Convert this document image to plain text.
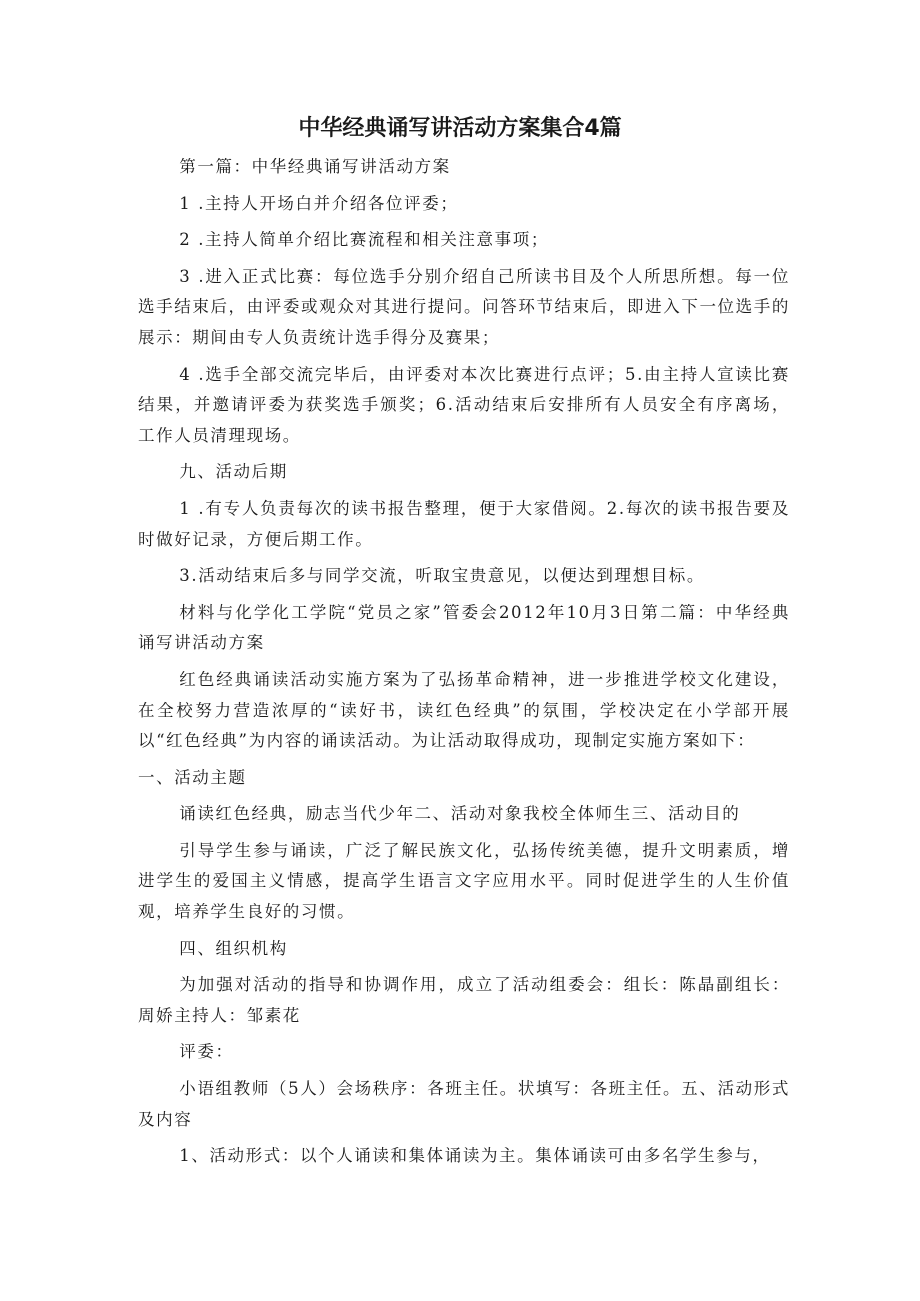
中华经典诵写讲活动方案集合4篇

第一篇：中华经典诵写讲活动方案

1 .主持人开场白并介绍各位评委；

2 .主持人简单介绍比赛流程和相关注意事项；

3 .进入正式比赛：每位选手分别介绍自己所读书目及个人所思所想。每一位选手结束后，由评委或观众对其进行提问。问答环节结束后，即进入下一位选手的展示：期间由专人负责统计选手得分及赛果；

4 .选手全部交流完毕后，由评委对本次比赛进行点评；5.由主持人宣读比赛结果，并邀请评委为获奖选手颁奖；6.活动结束后安排所有人员安全有序离场，工作人员清理现场。

九、活动后期

1 .有专人负责每次的读书报告整理，便于大家借阅。2.每次的读书报告要及时做好记录，方便后期工作。

3.活动结束后多与同学交流，听取宝贵意见，以便达到理想目标。

材料与化学化工学院“党员之家”管委会2012年10月3日第二篇：中华经典诵写讲活动方案

红色经典诵读活动实施方案为了弘扬革命精神，进一步推进学校文化建设，在全校努力营造浓厚的“读好书，读红色经典”的氛围，学校决定在小学部开展以“红色经典”为内容的诵读活动。为让活动取得成功，现制定实施方案如下：

一、活动主题

诵读红色经典，励志当代少年二、活动对象我校全体师生三、活动目的

引导学生参与诵读，广泛了解民族文化，弘扬传统美德，提升文明素质，增进学生的爱国主义情感，提高学生语言文字应用水平。同时促进学生的人生价值观，培养学生良好的习惯。

四、组织机构

为加强对活动的指导和协调作用，成立了活动组委会：组长：陈晶副组长：周娇主持人：邹素花

评委：

小语组教师（5人）会场秩序：各班主任。状填写：各班主任。五、活动形式及内容

1、活动形式：以个人诵读和集体诵读为主。集体诵读可由多名学生参与，
